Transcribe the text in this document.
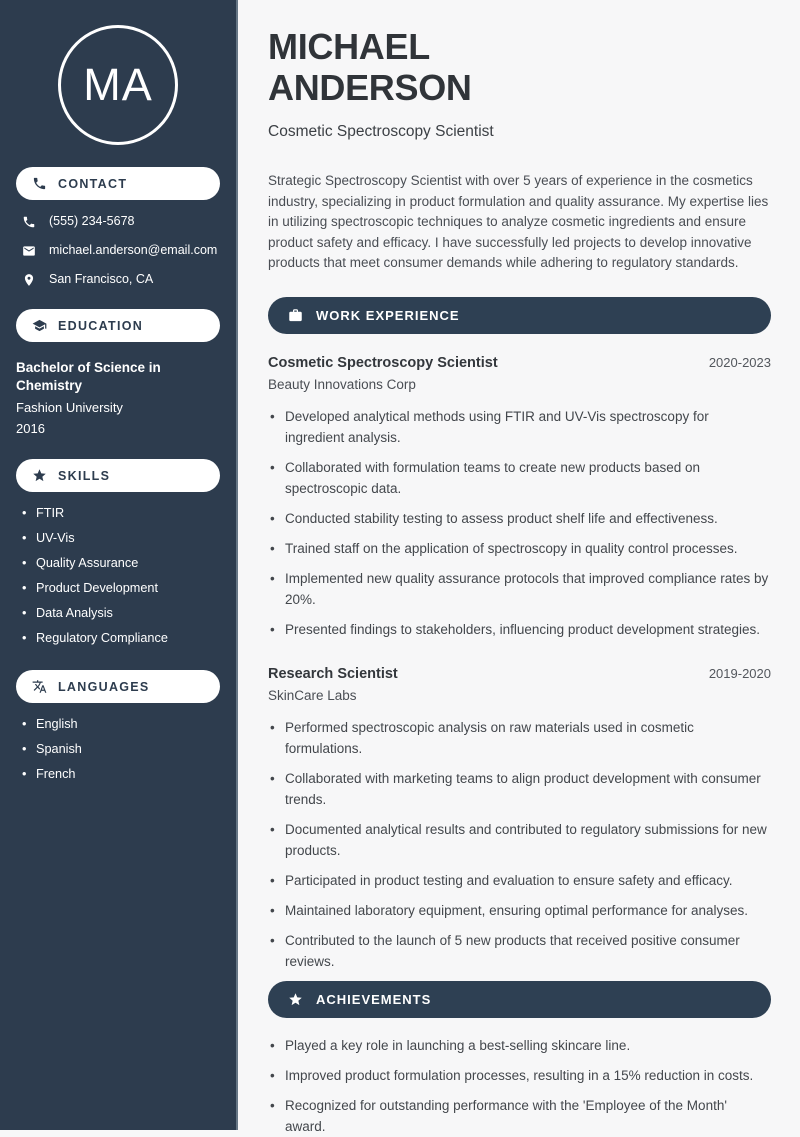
MA
CONTACT
(555) 234-5678
michael.anderson@email.com
San Francisco, CA
EDUCATION
Bachelor of Science in Chemistry
Fashion University
2016
SKILLS
• FTIR
• UV-Vis
• Quality Assurance
• Product Development
• Data Analysis
• Regulatory Compliance
LANGUAGES
• English
• Spanish
• French
MICHAEL
ANDERSON
Cosmetic Spectroscopy Scientist

Strategic Spectroscopy Scientist with over 5 years of experience in the cosmetics industry, specializing in product formulation and quality assurance. My expertise lies in utilizing spectroscopic techniques to analyze cosmetic ingredients and ensure product safety and efficacy. I have successfully led projects to develop innovative products that meet consumer demands while adhering to regulatory standards.

WORK EXPERIENCE
Cosmetic Spectroscopy Scientist	2020-2023
Beauty Innovations Corp
• Developed analytical methods using FTIR and UV-Vis spectroscopy for ingredient analysis.
• Collaborated with formulation teams to create new products based on spectroscopic data.
• Conducted stability testing to assess product shelf life and effectiveness.
• Trained staff on the application of spectroscopy in quality control processes.
• Implemented new quality assurance protocols that improved compliance rates by 20%.
• Presented findings to stakeholders, influencing product development strategies.
Research Scientist	2019-2020
SkinCare Labs
• Performed spectroscopic analysis on raw materials used in cosmetic formulations.
• Collaborated with marketing teams to align product development with consumer trends.
• Documented analytical results and contributed to regulatory submissions for new products.
• Participated in product testing and evaluation to ensure safety and efficacy.
• Maintained laboratory equipment, ensuring optimal performance for analyses.
• Contributed to the launch of 5 new products that received positive consumer reviews.
ACHIEVEMENTS
• Played a key role in launching a best-selling skincare line.
• Improved product formulation processes, resulting in a 15% reduction in costs.
• Recognized for outstanding performance with the 'Employee of the Month' award.
